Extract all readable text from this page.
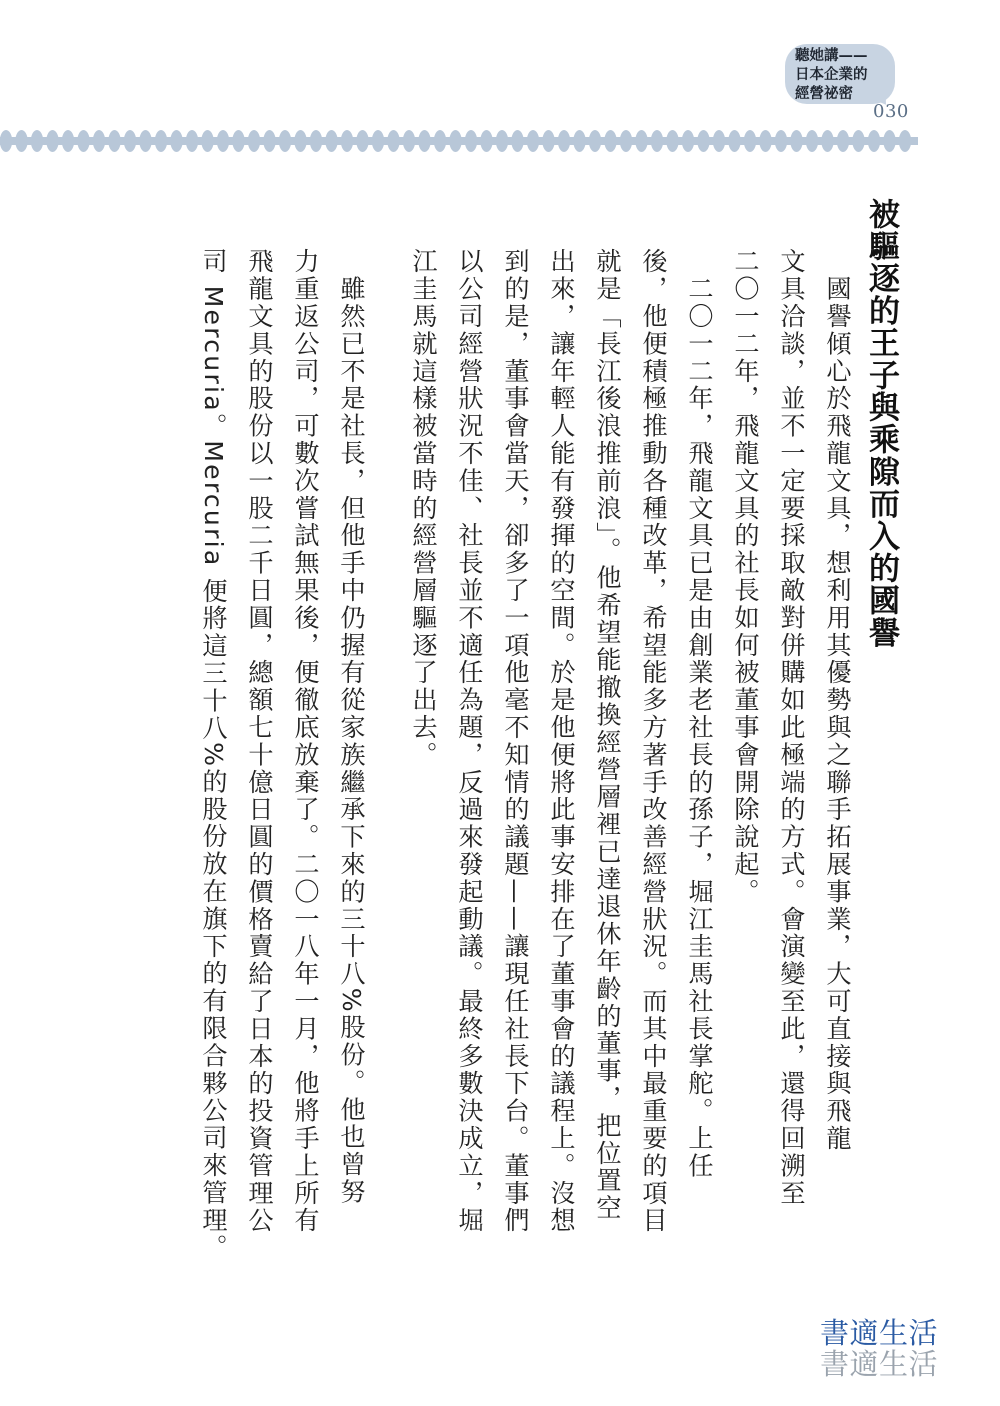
聽她講——
日本企業的
經營祕密
030
被驅逐的王子與乘隙而入的國譽
　國譽傾心於飛龍文具，想利用其優勢與之聯手拓展事業，大可直接與飛龍
文具洽談，並不一定要採取敵對併購如此極端的方式。會演變至此，還得回溯至
二〇一二年，飛龍文具的社長如何被董事會開除說起。
　二〇一二年，飛龍文具已是由創業老社長的孫子，堀江圭馬社長掌舵。上任
後，他便積極推動各種改革，希望能多方著手改善經營狀況。而其中最重要的項目
就是「長江後浪推前浪」。他希望能撤換經營層裡已達退休年齡的董事，把位置空
出來，讓年輕人能有發揮的空間。於是他便將此事安排在了董事會的議程上。沒想
到的是，董事會當天，卻多了一項他毫不知情的議題——讓現任社長下台。董事們
以公司經營狀況不佳、社長並不適任為題，反過來發起動議。最終多數決成立，堀
江圭馬就這樣被當時的經營層驅逐了出去。
　雖然已不是社長，但他手中仍握有從家族繼承下來的三十八%股份。他也曾努
力重返公司，可數次嘗試無果後，便徹底放棄了。二〇一八年一月，他將手上所有
飛龍文具的股份以一股二千日圓，總額七十億日圓的價格賣給了日本的投資管理公
司 Mercuria。Mercuria 便將這三十八%的股份放在旗下的有限合夥公司來管理。
書適生活
書適生活
